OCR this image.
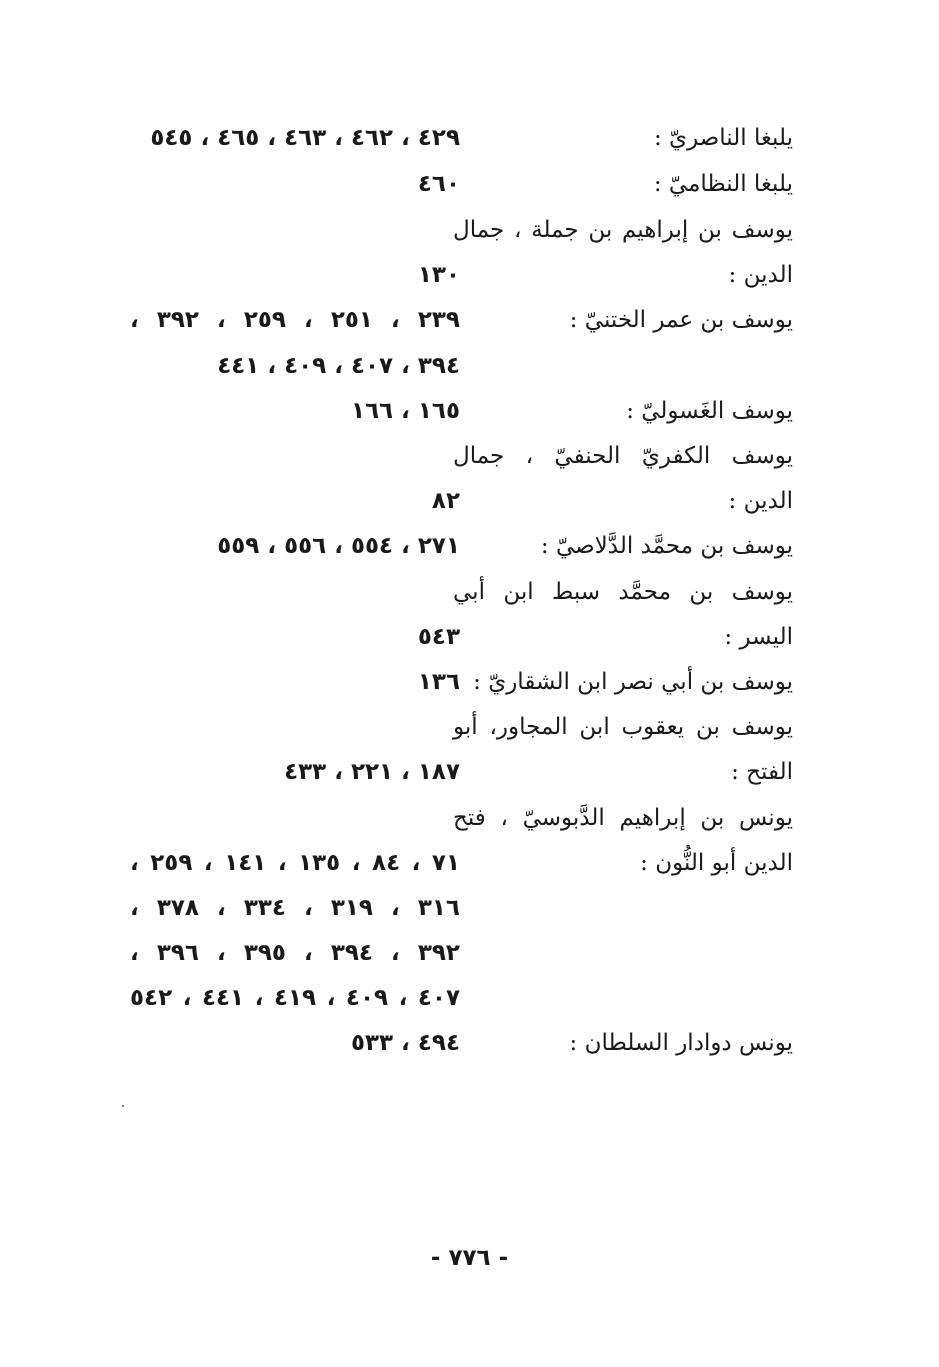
يلبغا الناصريّ :
٤٢٩ ، ٤٦٢ ، ٤٦٣ ، ٤٦٥ ، ٥٤٥
يلبغا النظاميّ :
٤٦٠
يوسف بن إبراهيم بن جملة ، جمال
الدين :
١٣٠
يوسف بن عمر الختنيّ :
٢٣٩ ، ٢٥١ ، ٢٥٩ ، ٣٩٢ ،
٣٩٤ ، ٤٠٧ ، ٤٠٩ ، ٤٤١
يوسف الغَسوليّ :
١٦٥ ، ١٦٦
يوسف الكفريّ الحنفيّ ، جمال
الدين :
٨٢
يوسف بن محمَّد الدَّلاصيّ :
٢٧١ ، ٥٥٤ ، ٥٥٦ ، ٥٥٩
يوسف بن محمَّد سبط ابن أبي
اليسر :
٥٤٣
يوسف بن أبي نصر ابن الشقاريّ :
١٣٦
يوسف بن يعقوب ابن المجاور، أبو
الفتح :
١٨٧ ، ٢٢١ ، ٤٣٣
يونس بن إبراهيم الدَّبوسيّ ، فتح
الدين أبو النُّون :
٧١ ، ٨٤ ، ١٣٥ ، ١٤١ ، ٢٥٩ ،
٣١٦ ، ٣١٩ ، ٣٣٤ ، ٣٧٨ ،
٣٩٢ ، ٣٩٤ ، ٣٩٥ ، ٣٩٦ ،
٤٠٧ ، ٤٠٩ ، ٤١٩ ، ٤٤١ ، ٥٤٢
يونس دوادار السلطان :
٤٩٤ ، ٥٣٣
- ٧٧٦ -
